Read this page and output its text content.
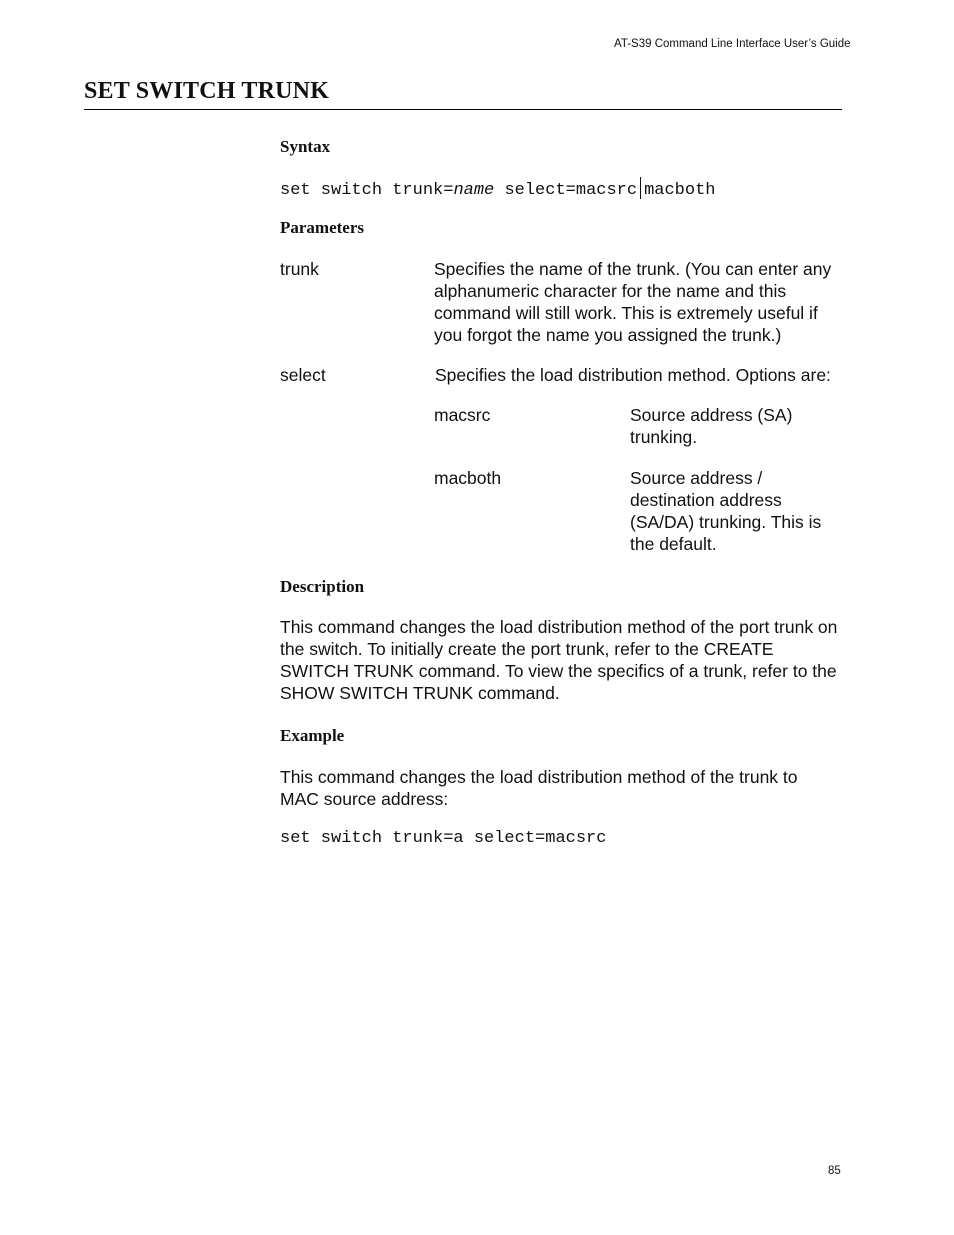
AT-S39 Command Line Interface User’s Guide
SET SWITCH TRUNK
Syntax
set switch trunk=name select=macsrc macboth
Parameters
trunk	Specifies the name of the trunk. (You can enter any alphanumeric character for the name and this command will still work. This is extremely useful if you forgot the name you assigned the trunk.)
select	Specifies the load distribution method. Options are:
macsrc	Source address (SA) trunking.
macboth	Source address / destination address (SA/DA) trunking. This is the default.
Description

This command changes the load distribution method of the port trunk on the switch. To initially create the port trunk, refer to the CREATE SWITCH TRUNK command. To view the specifics of a trunk, refer to the SHOW SWITCH TRUNK command.

Example

This command changes the load distribution method of the trunk to MAC source address:

set switch trunk=a select=macsrc
85
